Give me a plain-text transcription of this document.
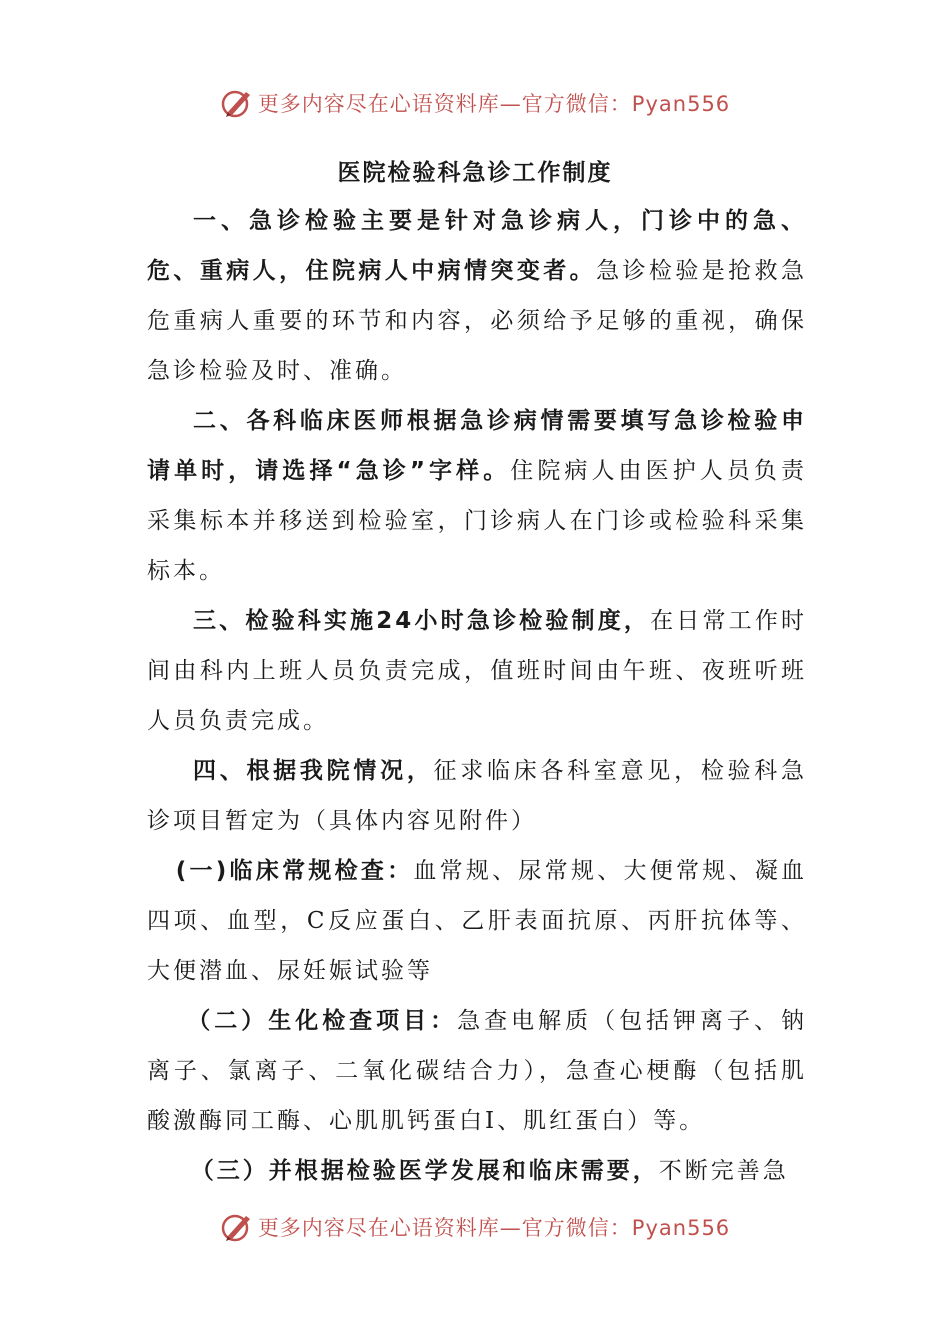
更多内容尽在心语资料库—官方微信：Pyan556
医院检验科急诊工作制度

一、急诊检验主要是针对急诊病人，门诊中的急、危、重病人，住院病人中病情突变者。急诊检验是抢救急危重病人重要的环节和内容，必须给予足够的重视，确保急诊检验及时、准确。

二、各科临床医师根据急诊病情需要填写急诊检验申请单时，请选择“急诊”字样。住院病人由医护人员负责采集标本并移送到检验室，门诊病人在门诊或检验科采集标本。

三、检验科实施24小时急诊检验制度，在日常工作时间由科内上班人员负责完成，值班时间由午班、夜班听班人员负责完成。

四、根据我院情况，征求临床各科室意见，检验科急诊项目暂定为（具体内容见附件）

(一)临床常规检查：血常规、尿常规、大便常规、凝血四项、血型，C反应蛋白、乙肝表面抗原、丙肝抗体等、大便潜血、尿妊娠试验等

（二）生化检查项目：急查电解质（包括钾离子、钠离子、氯离子、二氧化碳结合力），急查心梗酶（包括肌酸激酶同工酶、心肌肌钙蛋白I、肌红蛋白）等。

（三）并根据检验医学发展和临床需要，不断完善急

更多内容尽在心语资料库—官方微信：Pyan556
